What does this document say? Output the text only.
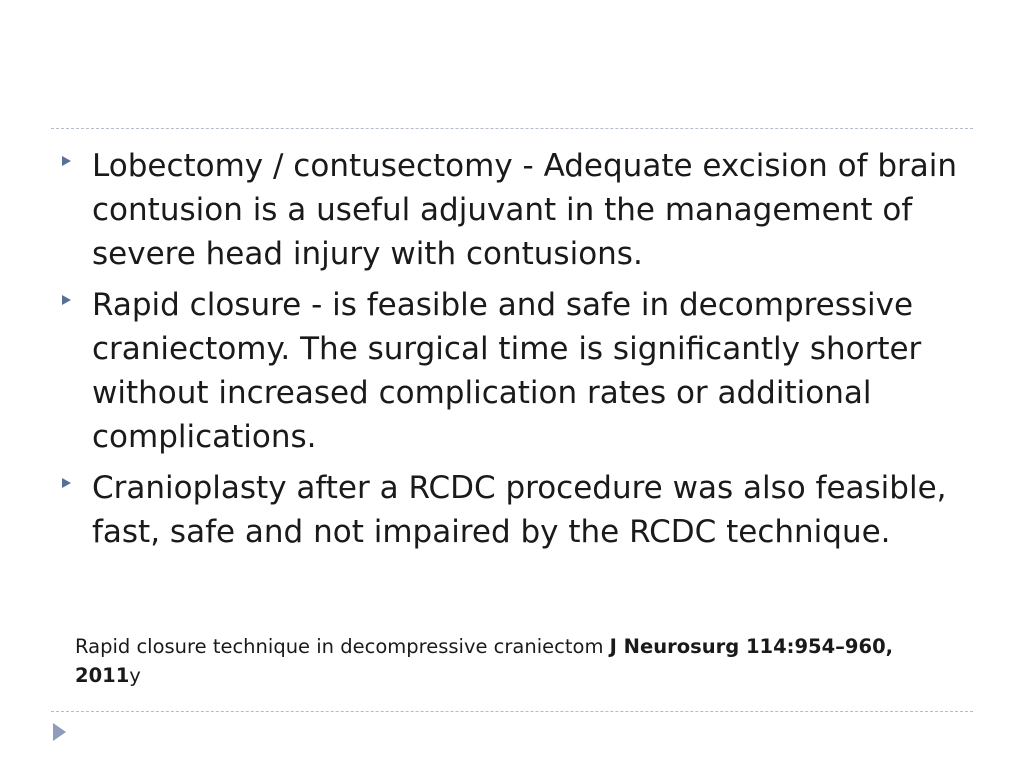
Lobectomy / contusectomy - Adequate excision of brain contusion is a useful adjuvant in the management of severe head injury with contusions.
Rapid closure - is feasible and safe in decompressive craniectomy. The surgical time is significantly shorter without increased complication rates or additional complications.
Cranioplasty after a RCDC procedure was also feasible, fast, safe and not impaired by the RCDC technique.
Rapid closure technique in decompressive craniectom J Neurosurg 114:954–960, 2011y
